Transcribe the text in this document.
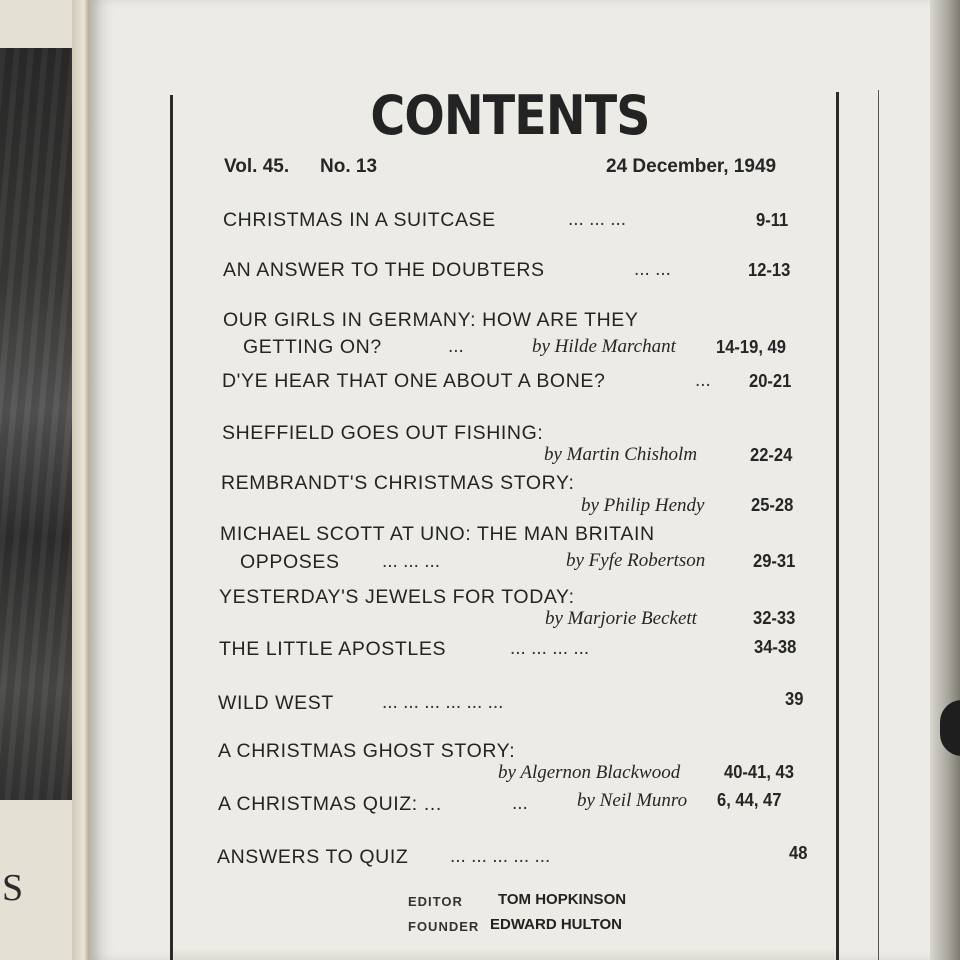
S
CONTENTS
Vol. 45. No. 13	24 December, 1949
CHRISTMAS IN A SUITCASE	... ... ...	9-11
AN ANSWER TO THE DOUBTERS	... ...	12-13
OUR GIRLS IN GERMANY: HOW ARE THEY
GETTING ON?	...	by Hilde Marchant 14-19, 49
D'YE HEAR THAT ONE ABOUT A BONE?	... 20-21
SHEFFIELD GOES OUT FISHING:
by Martin Chisholm	22-24
REMBRANDT'S CHRISTMAS STORY:
by Philip Hendy	25-28
MICHAEL SCOTT AT UNO: THE MAN BRITAIN
OPPOSES ... ... ...	by Fyfe Robertson	29-31
YESTERDAY'S JEWELS FOR TODAY:
by Marjorie Beckett	32-33
THE LITTLE APOSTLES	... ... ... ...	34-38
WILD WEST	... ... ... ... ... ...	39
A CHRISTMAS GHOST STORY:
by Algernon Blackwood 40-41, 43
A CHRISTMAS QUIZ: ...	...	by Neil Munro 6, 44, 47
ANSWERS TO QUIZ ... ... ... ... ...	48
EDITOR TOM HOPKINSON
FOUNDER EDWARD HULTON
